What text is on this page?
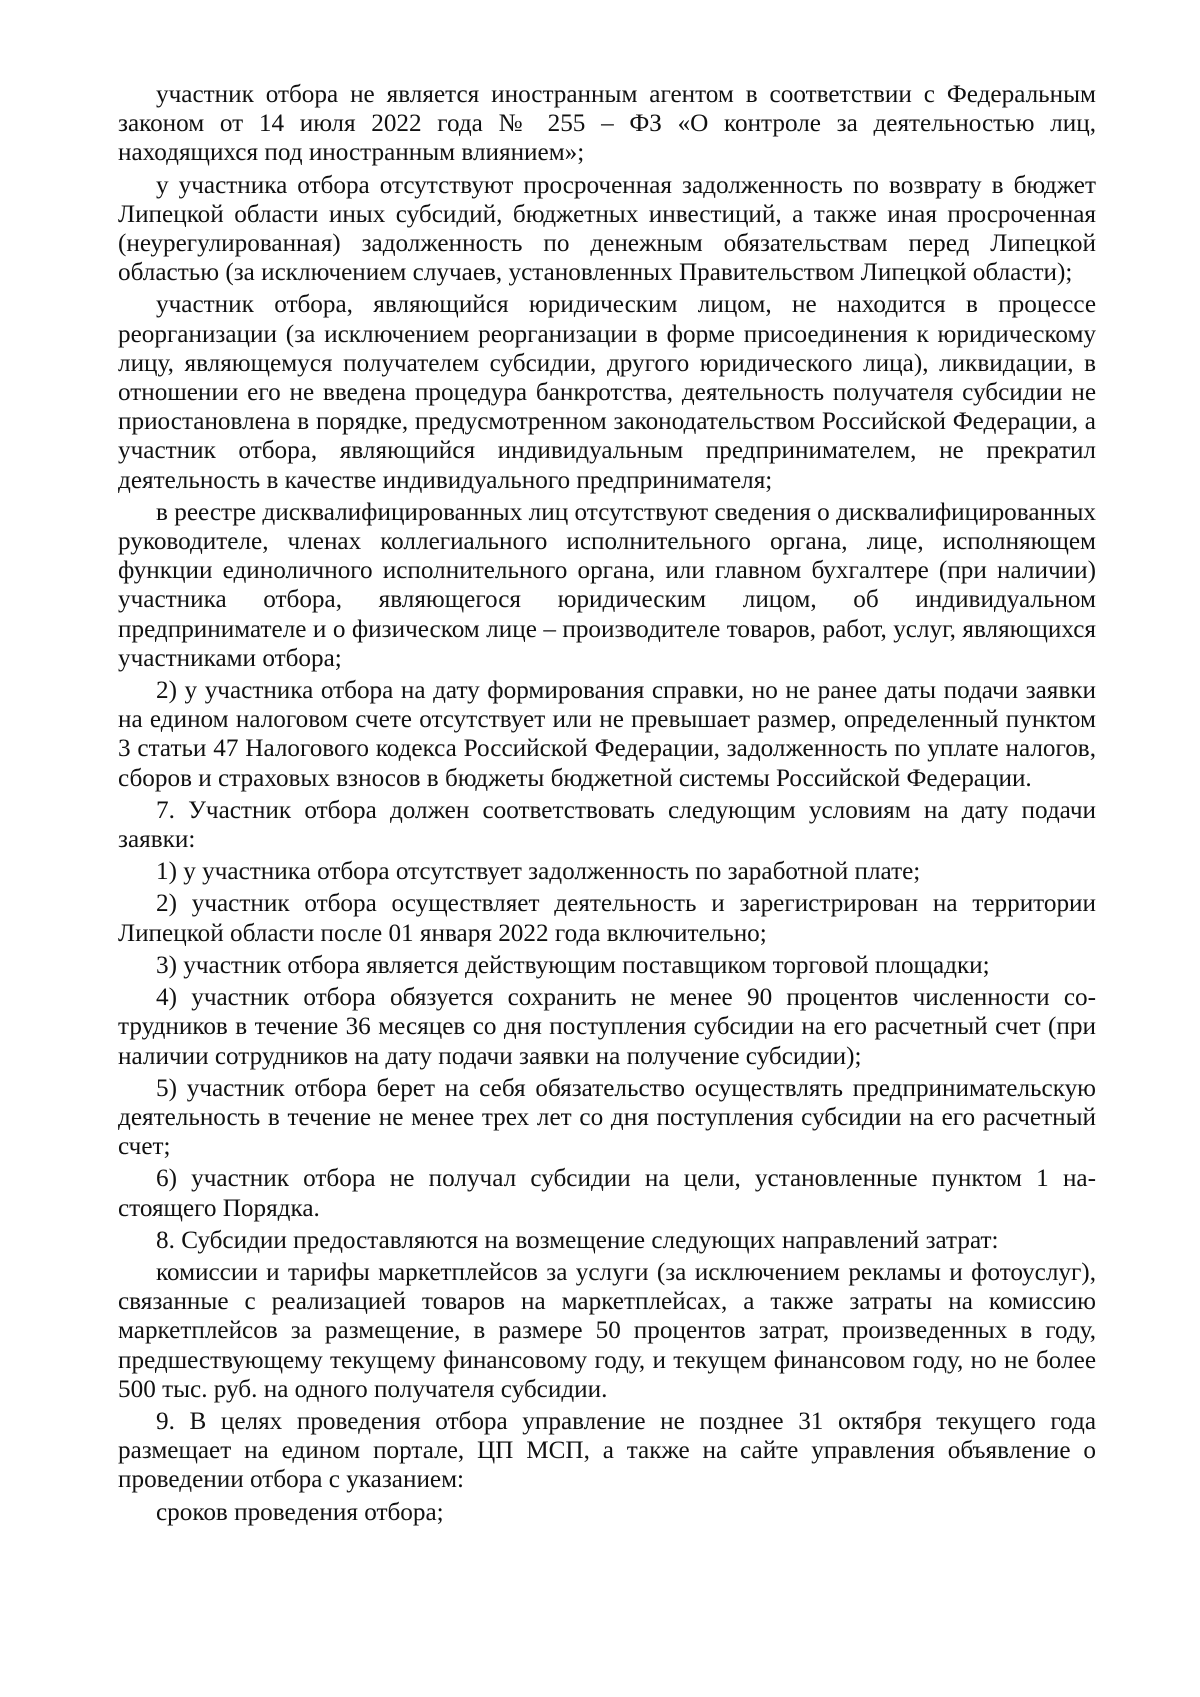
участник отбора не является иностранным агентом в соответствии с Федеральным законом от 14 июля 2022 года № 255 – ФЗ «О контроле за деятельностью лиц, находящихся под иностранным влиянием»;

у участника отбора отсутствуют просроченная задолженность по возврату в бюджет Липецкой области иных субсидий, бюджетных инвестиций, а также иная просроченная (неурегулированная) задолженность по денежным обязательствам перед Липецкой областью (за исключением случаев, установленных Правительством Липецкой области);

участник отбора, являющийся юридическим лицом, не находится в процессе реорганизации (за исключением реорганизации в форме присоединения к юридическому лицу, являющемуся получателем субсидии, другого юридического лица), ликвидации, в отношении его не введена процедура банкротства, деятельность получателя субсидии не приостановлена в порядке, предусмотренном законодательством Российской Федерации, а участник отбора, являющийся индивидуальным предпринимателем, не прекратил деятельность в качестве индивидуального предпринимателя;

в реестре дисквалифицированных лиц отсутствуют сведения о дисквалифицированных руководителе, членах коллегиального исполнительного органа, лице, исполняющем функции единоличного исполнительного органа, или главном бухгалтере (при наличии) участника отбора, являющегося юридическим лицом, об индивидуальном предпринимателе и о физическом лице – производителе товаров, работ, услуг, являющихся участниками отбора;

2) у участника отбора на дату формирования справки, но не ранее даты подачи заявки на едином налоговом счете отсутствует или не превышает размер, определенный пунктом 3 статьи 47 Налогового кодекса Российской Федерации, задолженность по уплате налогов, сборов и страховых взносов в бюджеты бюджетной системы Российской Федерации.

7. Участник отбора должен соответствовать следующим условиям на дату подачи заявки:

1) у участника отбора отсутствует задолженность по заработной плате;

2) участник отбора осуществляет деятельность и зарегистрирован на территории Липецкой области после 01 января 2022 года включительно;

3) участник отбора является действующим поставщиком торговой площадки;

4) участник отбора обязуется сохранить не менее 90 процентов численности сотрудников в течение 36 месяцев со дня поступления субсидии на его расчетный счет (при наличии сотрудников на дату подачи заявки на получение субсидии);

5) участник отбора берет на себя обязательство осуществлять предпринимательскую деятельность в течение не менее трех лет со дня поступления субсидии на его расчетный счет;

6) участник отбора не получал субсидии на цели, установленные пунктом 1 настоящего Порядка.

8. Субсидии предоставляются на возмещение следующих направлений затрат:

комиссии и тарифы маркетплейсов за услуги (за исключением рекламы и фотоуслуг), связанные с реализацией товаров на маркетплейсах, а также затраты на комиссию маркетплейсов за размещение, в размере 50 процентов затрат, произведенных в году, предшествующему текущему финансовому году, и текущем финансовом году, но не более 500 тыс. руб. на одного получателя субсидии.

9. В целях проведения отбора управление не позднее 31 октября текущего года размещает на едином портале, ЦП МСП, а также на сайте управления объявление о проведении отбора с указанием:

сроков проведения отбора;
